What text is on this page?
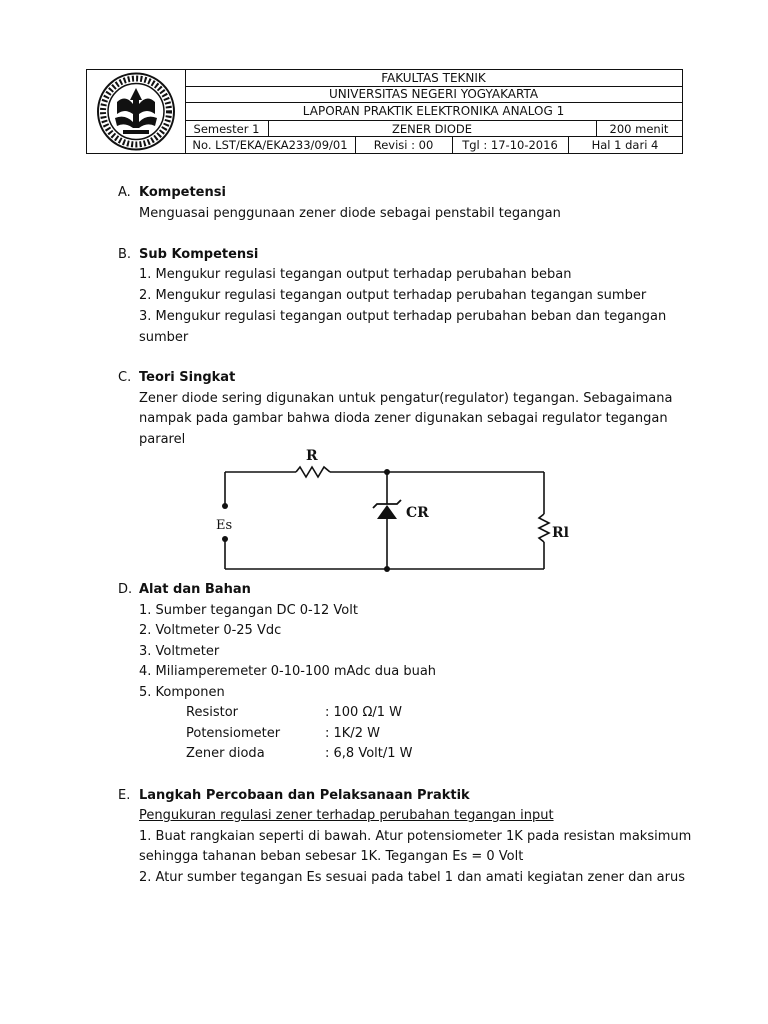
FAKULTAS TEKNIK
UNIVERSITAS NEGERI YOGYAKARTA
LAPORAN PRAKTIK ELEKTRONIKA ANALOG 1
Semester 1	ZENER DIODE	200 menit
No. LST/EKA/EKA233/09/01	Revisi : 00	Tgl : 17-10-2016	Hal 1 dari 4
A. Kompetensi
Menguasai penggunaan zener diode sebagai penstabil tegangan
B. Sub Kompetensi
1. Mengukur regulasi tegangan output terhadap perubahan beban
2. Mengukur regulasi tegangan output terhadap perubahan tegangan sumber
3. Mengukur regulasi tegangan output terhadap perubahan beban dan tegangan
sumber
C. Teori Singkat
Zener diode sering digunakan untuk pengatur(regulator) tegangan. Sebagaimana
nampak pada gambar bahwa dioda zener digunakan sebagai regulator tegangan
pararel
R
Es
CR
Rl
D. Alat dan Bahan
1. Sumber tegangan DC 0-12 Volt
2. Voltmeter 0-25 Vdc
3. Voltmeter
4. Miliamperemeter 0-10-100 mAdc dua buah
5. Komponen
Resistor	: 100 Ω/1 W
Potensiometer	: 1K/2 W
Zener dioda	: 6,8 Volt/1 W
E. Langkah Percobaan dan Pelaksanaan Praktik
Pengukuran regulasi zener terhadap perubahan tegangan input
1. Buat rangkaian seperti di bawah. Atur potensiometer 1K pada resistan maksimum
sehingga tahanan beban sebesar 1K. Tegangan Es = 0 Volt
2. Atur sumber tegangan Es sesuai pada tabel 1 dan amati kegiatan zener dan arus
